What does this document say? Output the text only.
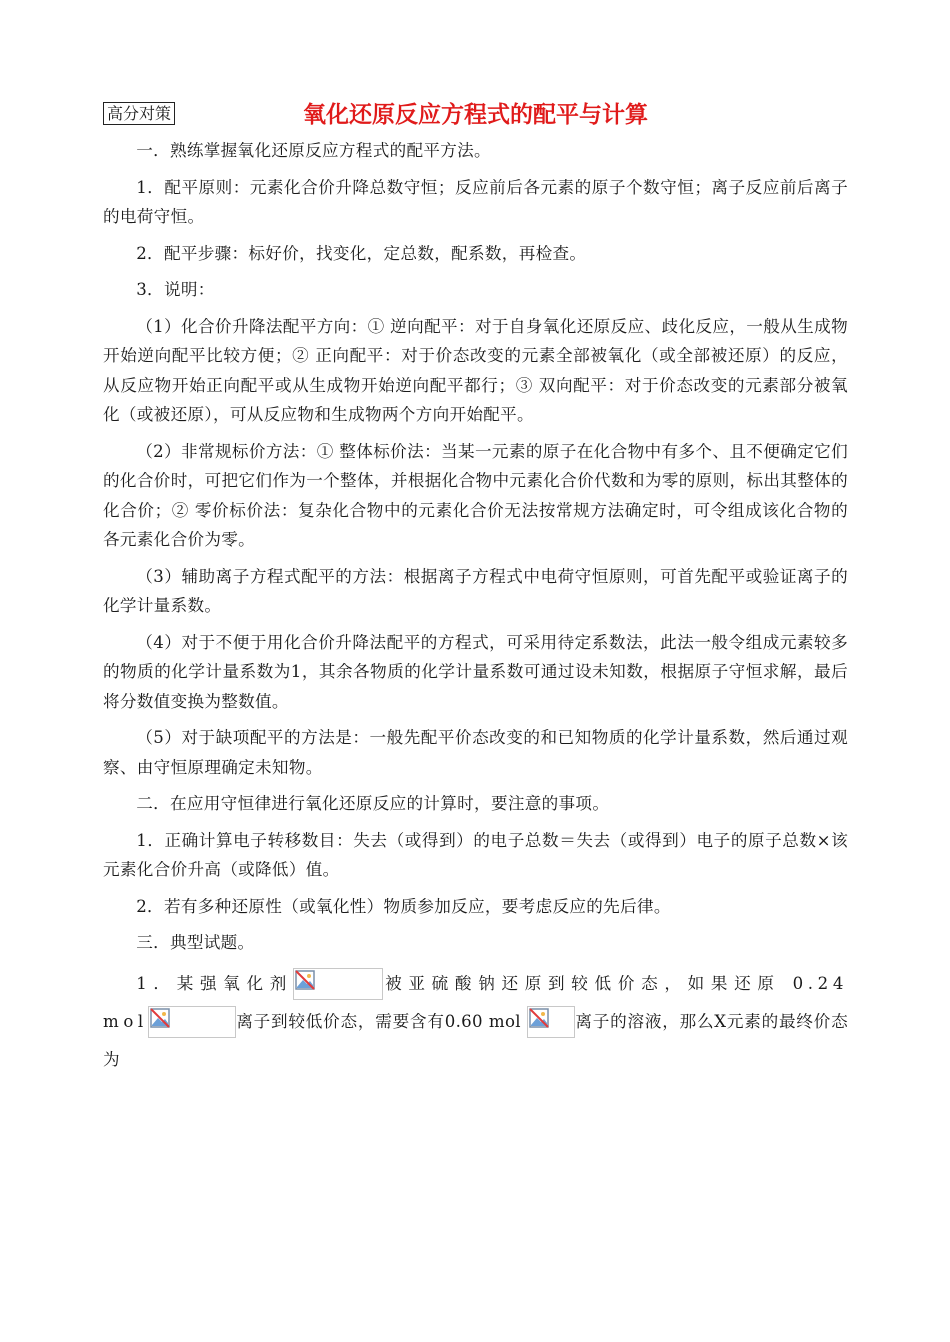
高分对策	氧化还原反应方程式的配平与计算

一．熟练掌握氧化还原反应方程式的配平方法。

1．配平原则：元素化合价升降总数守恒；反应前后各元素的原子个数守恒；离子反应前后离子的电荷守恒。

2．配平步骤：标好价，找变化，定总数，配系数，再检查。

3．说明：

（1）化合价升降法配平方向：① 逆向配平：对于自身氧化还原反应、歧化反应，一般从生成物开始逆向配平比较方便；② 正向配平：对于价态改变的元素全部被氧化（或全部被还原）的反应，从反应物开始正向配平或从生成物开始逆向配平都行；③ 双向配平：对于价态改变的元素部分被氧化（或被还原），可从反应物和生成物两个方向开始配平。

（2）非常规标价方法：① 整体标价法：当某一元素的原子在化合物中有多个、且不便确定它们的化合价时，可把它们作为一个整体，并根据化合物中元素化合价代数和为零的原则，标出其整体的化合价；② 零价标价法：复杂化合物中的元素化合价无法按常规方法确定时，可令组成该化合物的各元素化合价为零。

（3）辅助离子方程式配平的方法：根据离子方程式中电荷守恒原则，可首先配平或验证离子的化学计量系数。

（4）对于不便于用化合价升降法配平的方程式，可采用待定系数法，此法一般令组成元素较多的物质的化学计量系数为1，其余各物质的化学计量系数可通过设未知数，根据原子守恒求解，最后将分数值变换为整数值。

（5）对于缺项配平的方法是：一般先配平价态改变的和已知物质的化学计量系数，然后通过观察、由守恒原理确定未知物。

二．在应用守恒律进行氧化还原反应的计算时，要注意的事项。

1．正确计算电子转移数目：失去（或得到）的电子总数＝失去（或得到）电子的原子总数×该元素化合价升高（或降低）值。

2．若有多种还原性（或氧化性）物质参加反应，要考虑反应的先后律。

三．典型试题。

1．某强氧化剂	被亚硫酸钠还原到较低价态，如果还原 0.24 mol	离子到较低价态，需要含有0.60 mol	离子的溶液，那么X元素的最终价态为
